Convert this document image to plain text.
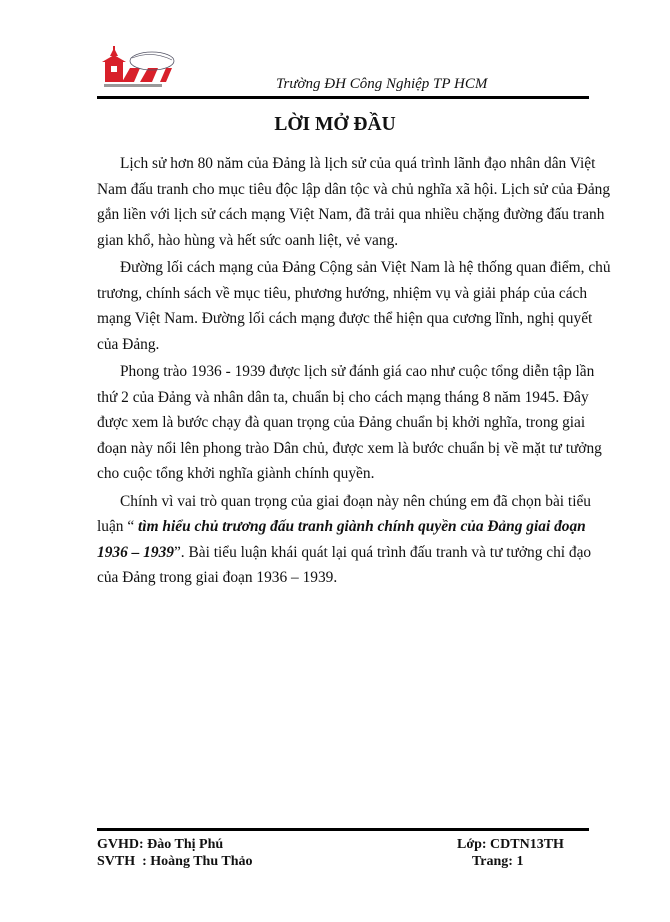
Trường ĐH Công Nghiệp TP HCM
LỜI MỞ ĐẦU
Lịch sử hơn 80 năm của Đảng là lịch sử của quá trình lãnh đạo nhân dân Việt
Nam đấu tranh cho mục tiêu độc lập dân tộc và chủ nghĩa xã hội. Lịch sử của Đảng
gắn liền với lịch sử cách mạng Việt Nam, đã trải qua nhiều chặng đường đấu tranh
gian khổ, hào hùng và hết sức oanh liệt, vẻ vang.
Đường lối cách mạng của Đảng Cộng sản Việt Nam là hệ thống quan điểm, chủ
trương, chính sách về mục tiêu, phương hướng, nhiệm vụ và giải pháp của cách
mạng Việt Nam. Đường lối cách mạng được thể hiện qua cương lĩnh, nghị quyết
của Đảng.
Phong trào 1936 - 1939 được lịch sử đánh giá cao như cuộc tổng diễn tập lần
thứ 2 của Đảng và nhân dân ta, chuẩn bị cho cách mạng tháng 8 năm 1945. Đây
được xem là bước chạy đà quan trọng của Đảng chuẩn bị khởi nghĩa, trong giai
đoạn này nổi lên phong trào Dân chủ, được xem là bước chuẩn bị về mặt tư tưởng
cho cuộc tổng khởi nghĩa giành chính quyền.
Chính vì vai trò quan trọng của giai đoạn này nên chúng em đã chọn bài tiểu
luận “ tìm hiểu chủ trương đấu tranh giành chính quyền của Đảng giai đoạn
1936 – 1939”. Bài tiểu luận khái quát lại quá trình đấu tranh và tư tưởng chỉ đạo
của Đảng trong giai đoạn 1936 – 1939.
GVHD: Đào Thị Phú
SVTH  : Hoàng Thu Thảo
Lớp: CDTN13TH
Trang: 1
